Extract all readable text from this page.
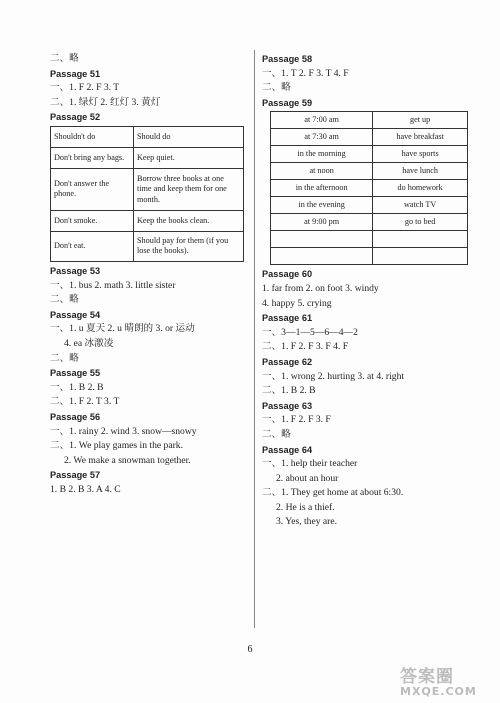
二、略
Passage 51
一、1. F 2. F 3. T
二、1. 绿灯 2. 红灯 3. 黄灯
Passage 52
Shouldn't do	Should do
Don't bring any bags.	Keep quiet.
Don't answer the phone.	Borrow three books at one time and keep them for one month.
Don't smoke.	Keep the books clean.
Don't eat.	Should pay for them (if you lose the books).
Passage 53
一、1. bus 2. math 3. little sister
二、略
Passage 54
一、1. u 夏天 2. u 晴朗的 3. or 运动
4. ea 冰激凌
二、略
Passage 55
一、1. B 2. B
二、1. F 2. T 3. T
Passage 56
一、1. rainy 2. wind 3. snow—snowy
二、1. We play games in the park.
2. We make a snowman together.
Passage 57
1. B 2. B 3. A 4. C
Passage 58
一、1. T 2. F 3. T 4. F
二、略
Passage 59
at 7:00 am	get up
at 7:30 am	have breakfast
in the morning	have sports
at noon	have lunch
in the afternoon	do homework
in the evening	watch TV
at 9:00 pm	go to bed

Passage 60
1. far from 2. on foot 3. windy
4. happy 5. crying
Passage 61
一、3—1—5—6—4—2
二、1. F 2. F 3. F 4. F
Passage 62
一、1. wrong 2. hurting 3. at 4. right
二、1. B 2. B
Passage 63
一、1. F 2. F 3. F
二、略
Passage 64
一、1. help their teacher
2. about an hour
二、1. They get home at about 6:30.
2. He is a thief.
3. Yes, they are.
6
答案圈
MXQE.COM
